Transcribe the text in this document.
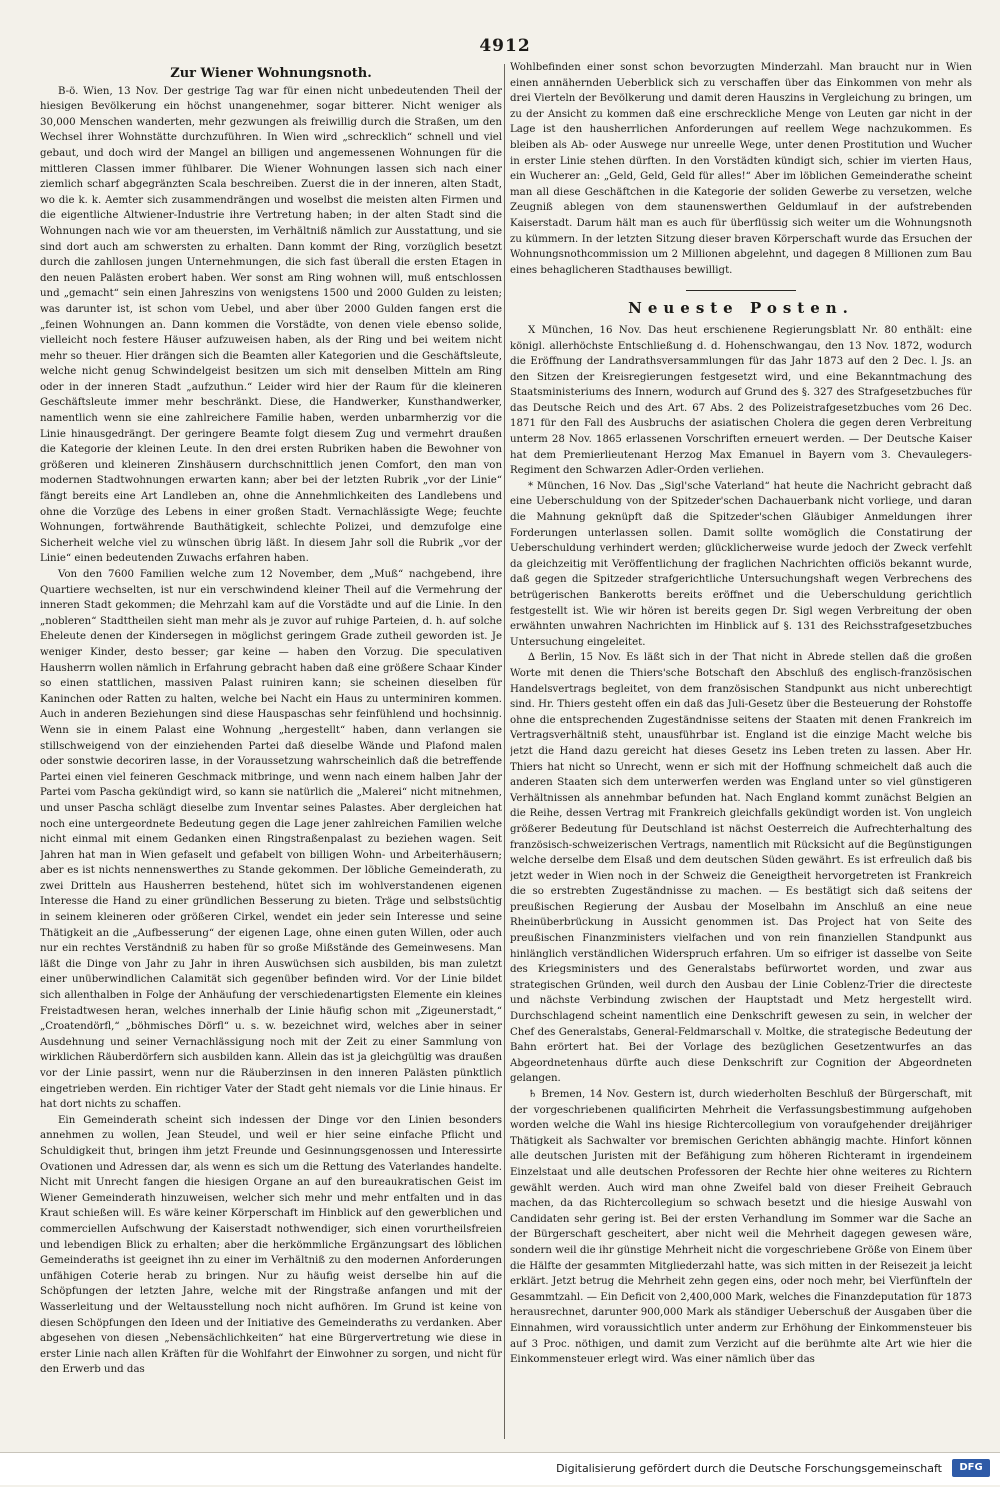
4912
Zur Wiener Wohnungsnoth.

B-ö. Wien, 13 Nov. Der gestrige Tag war für einen nicht unbedeutenden Theil der hiesigen Bevölkerung ein höchst unangenehmer, sogar bitterer. Nicht weniger als 30,000 Menschen wanderten, mehr gezwungen als freiwillig durch die Straßen, um den Wechsel ihrer Wohnstätte durchzuführen. In Wien wird „schrecklich“ schnell und viel gebaut, und doch wird der Mangel an billigen und angemessenen Wohnungen für die mittleren Classen immer fühlbarer. Die Wiener Wohnungen lassen sich nach einer ziemlich scharf abgegränzten Scala beschreiben. Zuerst die in der inneren, alten Stadt, wo die k. k. Aemter sich zusammendrängen und woselbst die meisten alten Firmen und die eigentliche Altwiener-Industrie ihre Vertretung haben; in der alten Stadt sind die Wohnungen nach wie vor am theuersten, im Verhältniß nämlich zur Ausstattung, und sie sind dort auch am schwersten zu erhalten. Dann kommt der Ring, vorzüglich besetzt durch die zahllosen jungen Unternehmungen, die sich fast überall die ersten Etagen in den neuen Palästen erobert haben. Wer sonst am Ring wohnen will, muß entschlossen und „gemacht“ sein einen Jahreszins von wenigstens 1500 und 2000 Gulden zu leisten; was darunter ist, ist schon vom Uebel, und aber über 2000 Gulden fangen erst die „feinen Wohnungen an. Dann kommen die Vorstädte, von denen viele ebenso solide, vielleicht noch festere Häuser aufzuweisen haben, als der Ring und bei weitem nicht mehr so theuer. Hier drängen sich die Beamten aller Kategorien und die Geschäftsleute, welche nicht genug Schwindelgeist besitzen um sich mit denselben Mitteln am Ring oder in der inneren Stadt „aufzuthun.“ Leider wird hier der Raum für die kleineren Geschäftsleute immer mehr beschränkt. Diese, die Handwerker, Kunsthandwerker, namentlich wenn sie eine zahlreichere Familie haben, werden unbarmherzig vor die Linie hinausgedrängt. Der geringere Beamte folgt diesem Zug und vermehrt draußen die Kategorie der kleinen Leute. In den drei ersten Rubriken haben die Bewohner von größeren und kleineren Zinshäusern durchschnittlich jenen Comfort, den man von modernen Stadtwohnungen erwarten kann; aber bei der letzten Rubrik „vor der Linie“ fängt bereits eine Art Landleben an, ohne die Annehmlichkeiten des Landlebens und ohne die Vorzüge des Lebens in einer großen Stadt. Vernachlässigte Wege; feuchte Wohnungen, fortwährende Bauthätigkeit, schlechte Polizei, und demzufolge eine Sicherheit welche viel zu wünschen übrig läßt. In diesem Jahr soll die Rubrik „vor der Linie“ einen bedeutenden Zuwachs erfahren haben.

Von den 7600 Familien welche zum 12 November, dem „Muß“ nachgebend, ihre Quartiere wechselten, ist nur ein verschwindend kleiner Theil auf die Vermehrung der inneren Stadt gekommen; die Mehrzahl kam auf die Vorstädte und auf die Linie. In den „nobleren“ Stadttheilen sieht man mehr als je zuvor auf ruhige Parteien, d. h. auf solche Eheleute denen der Kindersegen in möglichst geringem Grade zutheil geworden ist. Je weniger Kinder, desto besser; gar keine — haben den Vorzug. Die speculativen Hausherrn wollen nämlich in Erfahrung gebracht haben daß eine größere Schaar Kinder so einen stattlichen, massiven Palast ruiniren kann; sie scheinen dieselben für Kaninchen oder Ratten zu halten, welche bei Nacht ein Haus zu unterminiren kommen. Auch in anderen Beziehungen sind diese Hauspaschas sehr feinfühlend und hochsinnig. Wenn sie in einem Palast eine Wohnung „hergestellt“ haben, dann verlangen sie stillschweigend von der einziehenden Partei daß dieselbe Wände und Plafond malen oder sonstwie decoriren lasse, in der Voraussetzung wahrscheinlich daß die betreffende Partei einen viel feineren Geschmack mitbringe, und wenn nach einem halben Jahr der Partei vom Pascha gekündigt wird, so kann sie natürlich die „Malerei“ nicht mitnehmen, und unser Pascha schlägt dieselbe zum Inventar seines Palastes. Aber dergleichen hat noch eine untergeordnete Bedeutung gegen die Lage jener zahlreichen Familien welche nicht einmal mit einem Gedanken einen Ringstraßenpalast zu beziehen wagen. Seit Jahren hat man in Wien gefaselt und gefabelt von billigen Wohn- und Arbeiterhäusern; aber es ist nichts nennenswerthes zu Stande gekommen. Der löbliche Gemeinderath, zu zwei Dritteln aus Hausherren bestehend, hütet sich im wohlverstandenen eigenen Interesse die Hand zu einer gründlichen Besserung zu bieten. Träge und selbstsüchtig in seinem kleineren oder größeren Cirkel, wendet ein jeder sein Interesse und seine Thätigkeit an die „Aufbesserung“ der eigenen Lage, ohne einen guten Willen, oder auch nur ein rechtes Verständniß zu haben für so große Mißstände des Gemeinwesens. Man läßt die Dinge von Jahr zu Jahr in ihren Auswüchsen sich ausbilden, bis man zuletzt einer unüberwindlichen Calamität sich gegenüber befinden wird. Vor der Linie bildet sich allenthalben in Folge der Anhäufung der verschiedenartigsten Elemente ein kleines Freistadtwesen heran, welches innerhalb der Linie häufig schon mit „Zigeunerstadt,“ „Croatendörfl,“ „böhmisches Dörfl“ u. s. w. bezeichnet wird, welches aber in seiner Ausdehnung und seiner Vernachlässigung noch mit der Zeit zu einer Sammlung von wirklichen Räuberdörfern sich ausbilden kann. Allein das ist ja gleichgültig was draußen vor der Linie passirt, wenn nur die Räuberzinsen in den inneren Palästen pünktlich eingetrieben werden. Ein richtiger Vater der Stadt geht niemals vor die Linie hinaus. Er hat dort nichts zu schaffen.

Ein Gemeinderath scheint sich indessen der Dinge vor den Linien besonders annehmen zu wollen, Jean Steudel, und weil er hier seine einfache Pflicht und Schuldigkeit thut, bringen ihm jetzt Freunde und Gesinnungsgenossen und Interessirte Ovationen und Adressen dar, als wenn es sich um die Rettung des Vaterlandes handelte. Nicht mit Unrecht fangen die hiesigen Organe an auf den bureaukratischen Geist im Wiener Gemeinderath hinzuweisen, welcher sich mehr und mehr entfalten und in das Kraut schießen will. Es wäre keiner Körperschaft im Hinblick auf den gewerblichen und commerciellen Aufschwung der Kaiserstadt nothwendiger, sich einen vorurtheilsfreien und lebendigen Blick zu erhalten; aber die herkömmliche Ergänzungsart des löblichen Gemeinderaths ist geeignet ihn zu einer im Verhältniß zu den modernen Anforderungen unfähigen Coterie herab zu bringen. Nur zu häufig weist derselbe hin auf die Schöpfungen der letzten Jahre, welche mit der Ringstraße anfangen und mit der Wasserleitung und der Weltausstellung noch nicht aufhören. Im Grund ist keine von diesen Schöpfungen den Ideen und der Initiative des Gemeinderaths zu verdanken. Aber abgesehen von diesen „Nebensächlichkeiten“ hat eine Bürgervertretung wie diese in erster Linie nach allen Kräften für die Wohlfahrt der Einwohner zu sorgen, und nicht für den Erwerb und das

Wohlbefinden einer sonst schon bevorzugten Minderzahl. Man braucht nur in Wien einen annähernden Ueberblick sich zu verschaffen über das Einkommen von mehr als drei Vierteln der Bevölkerung und damit deren Hauszins in Vergleichung zu bringen, um zu der Ansicht zu kommen daß eine erschreckliche Menge von Leuten gar nicht in der Lage ist den hausherrlichen Anforderungen auf reellem Wege nachzukommen. Es bleiben als Ab- oder Auswege nur unreelle Wege, unter denen Prostitution und Wucher in erster Linie stehen dürften. In den Vorstädten kündigt sich, schier im vierten Haus, ein Wucherer an: „Geld, Geld, Geld für alles!“ Aber im löblichen Gemeinderathe scheint man all diese Geschäftchen in die Kategorie der soliden Gewerbe zu versetzen, welche Zeugniß ablegen von dem staunenswerthen Geldumlauf in der aufstrebenden Kaiserstadt. Darum hält man es auch für überflüssig sich weiter um die Wohnungsnoth zu kümmern. In der letzten Sitzung dieser braven Körperschaft wurde das Ersuchen der Wohnungsnothcommission um 2 Millionen abgelehnt, und dagegen 8 Millionen zum Bau eines behaglicheren Stadthauses bewilligt.

Neueste Posten.

X München, 16 Nov. Das heut erschienene Regierungsblatt Nr. 80 enthält: eine königl. allerhöchste Entschließung d. d. Hohenschwangau, den 13 Nov. 1872, wodurch die Eröffnung der Landrathsversammlungen für das Jahr 1873 auf den 2 Dec. l. Js. an den Sitzen der Kreisregierungen festgesetzt wird, und eine Bekanntmachung des Staatsministeriums des Innern, wodurch auf Grund des §. 327 des Strafgesetzbuches für das Deutsche Reich und des Art. 67 Abs. 2 des Polizeistrafgesetzbuches vom 26 Dec. 1871 für den Fall des Ausbruchs der asiatischen Cholera die gegen deren Verbreitung unterm 28 Nov. 1865 erlassenen Vorschriften erneuert werden. — Der Deutsche Kaiser hat dem Premierlieutenant Herzog Max Emanuel in Bayern vom 3. Chevaulegers-Regiment den Schwarzen Adler-Orden verliehen.

* München, 16 Nov. Das „Sigl'sche Vaterland“ hat heute die Nachricht gebracht daß eine Ueberschuldung von der Spitzeder'schen Dachauerbank nicht vorliege, und daran die Mahnung geknüpft daß die Spitzeder'schen Gläubiger Anmeldungen ihrer Forderungen unterlassen sollen. Damit sollte womöglich die Constatirung der Ueberschuldung verhindert werden; glücklicherweise wurde jedoch der Zweck verfehlt da gleichzeitig mit Veröffentlichung der fraglichen Nachrichten officiös bekannt wurde, daß gegen die Spitzeder strafgerichtliche Untersuchungshaft wegen Verbrechens des betrügerischen Bankerotts bereits eröffnet und die Ueberschuldung gerichtlich festgestellt ist. Wie wir hören ist bereits gegen Dr. Sigl wegen Verbreitung der oben erwähnten unwahren Nachrichten im Hinblick auf §. 131 des Reichsstrafgesetzbuches Untersuchung eingeleitet.

∆ Berlin, 15 Nov. Es läßt sich in der That nicht in Abrede stellen daß die großen Worte mit denen die Thiers'sche Botschaft den Abschluß des englisch-französischen Handelsvertrags begleitet, von dem französischen Standpunkt aus nicht unberechtigt sind. Hr. Thiers gesteht offen ein daß das Juli-Gesetz über die Besteuerung der Rohstoffe ohne die entsprechenden Zugeständnisse seitens der Staaten mit denen Frankreich im Vertragsverhältniß steht, unausführbar ist. England ist die einzige Macht welche bis jetzt die Hand dazu gereicht hat dieses Gesetz ins Leben treten zu lassen. Aber Hr. Thiers hat nicht so Unrecht, wenn er sich mit der Hoffnung schmeichelt daß auch die anderen Staaten sich dem unterwerfen werden was England unter so viel günstigeren Verhältnissen als annehmbar befunden hat. Nach England kommt zunächst Belgien an die Reihe, dessen Vertrag mit Frankreich gleichfalls gekündigt worden ist. Von ungleich größerer Bedeutung für Deutschland ist nächst Oesterreich die Aufrechterhaltung des französisch-schweizerischen Vertrags, namentlich mit Rücksicht auf die Begünstigungen welche derselbe dem Elsaß und dem deutschen Süden gewährt. Es ist erfreulich daß bis jetzt weder in Wien noch in der Schweiz die Geneigtheit hervorgetreten ist Frankreich die so erstrebten Zugeständnisse zu machen. — Es bestätigt sich daß seitens der preußischen Regierung der Ausbau der Moselbahn im Anschluß an eine neue Rheinüberbrückung in Aussicht genommen ist. Das Project hat von Seite des preußischen Finanzministers vielfachen und von rein finanziellen Standpunkt aus hinlänglich verständlichen Widerspruch erfahren. Um so eifriger ist dasselbe von Seite des Kriegsministers und des Generalstabs befürwortet worden, und zwar aus strategischen Gründen, weil durch den Ausbau der Linie Coblenz-Trier die directeste und nächste Verbindung zwischen der Hauptstadt und Metz hergestellt wird. Durchschlagend scheint namentlich eine Denkschrift gewesen zu sein, in welcher der Chef des Generalstabs, General-Feldmarschall v. Moltke, die strategische Bedeutung der Bahn erörtert hat. Bei der Vorlage des bezüglichen Gesetzentwurfes an das Abgeordnetenhaus dürfte auch diese Denkschrift zur Cognition der Abgeordneten gelangen.

♄ Bremen, 14 Nov. Gestern ist, durch wiederholten Beschluß der Bürgerschaft, mit der vorgeschriebenen qualificirten Mehrheit die Verfassungsbestimmung aufgehoben worden welche die Wahl ins hiesige Richtercollegium von voraufgehender dreijähriger Thätigkeit als Sachwalter vor bremischen Gerichten abhängig machte. Hinfort können alle deutschen Juristen mit der Befähigung zum höheren Richteramt in irgendeinem Einzelstaat und alle deutschen Professoren der Rechte hier ohne weiteres zu Richtern gewählt werden. Auch wird man ohne Zweifel bald von dieser Freiheit Gebrauch machen, da das Richtercollegium so schwach besetzt und die hiesige Auswahl von Candidaten sehr gering ist. Bei der ersten Verhandlung im Sommer war die Sache an der Bürgerschaft gescheitert, aber nicht weil die Mehrheit dagegen gewesen wäre, sondern weil die ihr günstige Mehrheit nicht die vorgeschriebene Größe von Einem über die Hälfte der gesammten Mitgliederzahl hatte, was sich mitten in der Reisezeit ja leicht erklärt. Jetzt betrug die Mehrheit zehn gegen eins, oder noch mehr, bei Vierfünfteln der Gesammtzahl. — Ein Deficit von 2,400,000 Mark, welches die Finanzdeputation für 1873 herausrechnet, darunter 900,000 Mark als ständiger Ueberschuß der Ausgaben über die Einnahmen, wird voraussichtlich unter anderm zur Erhöhung der Einkommensteuer bis auf 3 Proc. nöthigen, und damit zum Verzicht auf die berühmte alte Art wie hier die Einkommensteuer erlegt wird. Was einer nämlich über das

Digitalisierung gefördert durch die Deutsche Forschungsgemeinschaft	DFG
